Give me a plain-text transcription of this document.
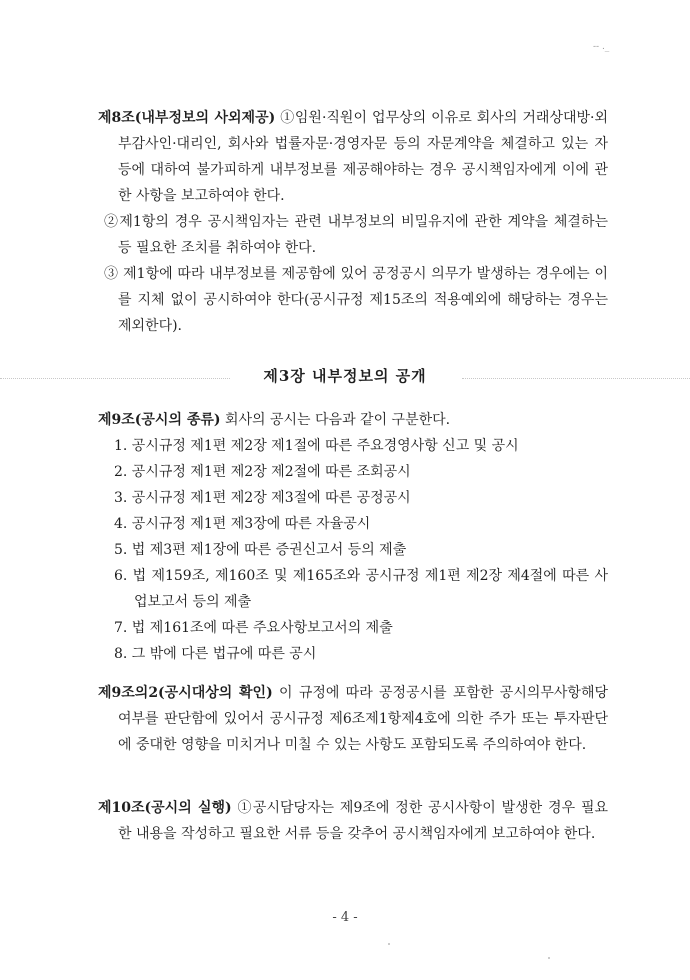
-- ._
제8조(내부정보의 사외제공) ①임원·직원이 업무상의 이유로 회사의 거래상대방·외부감사인·대리인, 회사와 법률자문·경영자문 등의 자문계약을 체결하고 있는 자 등에 대하여 불가피하게 내부정보를 제공해야하는 경우 공시책임자에게 이에 관한 사항을 보고하여야 한다.
②제1항의 경우 공시책임자는 관련 내부정보의 비밀유지에 관한 계약을 체결하는 등 필요한 조치를 취하여야 한다.
③ 제1항에 따라 내부정보를 제공함에 있어 공정공시 의무가 발생하는 경우에는 이를 지체 없이 공시하여야 한다(공시규정 제15조의 적용예외에 해당하는 경우는 제외한다).
제3장 내부정보의 공개
제9조(공시의 종류) 회사의 공시는 다음과 같이 구분한다.
1. 공시규정 제1편 제2장 제1절에 따른 주요경영사항 신고 및 공시
2. 공시규정 제1편 제2장 제2절에 따른 조회공시
3. 공시규정 제1편 제2장 제3절에 따른 공정공시
4. 공시규정 제1편 제3장에 따른 자율공시
5. 법 제3편 제1장에 따른 증권신고서 등의 제출
6. 법 제159조, 제160조 및 제165조와 공시규정 제1편 제2장 제4절에 따른 사업보고서 등의 제출
7. 법 제161조에 따른 주요사항보고서의 제출
8. 그 밖에 다른 법규에 따른 공시
제9조의2(공시대상의 확인) 이 규정에 따라 공정공시를 포함한 공시의무사항해당 여부를 판단함에 있어서 공시규정 제6조제1항제4호에 의한 주가 또는 투자판단에 중대한 영향을 미치거나 미칠 수 있는 사항도 포함되도록 주의하여야 한다.
제10조(공시의 실행) ①공시담당자는 제9조에 정한 공시사항이 발생한 경우 필요한 내용을 작성하고 필요한 서류 등을 갖추어 공시책임자에게 보고하여야 한다.
- 4 -
